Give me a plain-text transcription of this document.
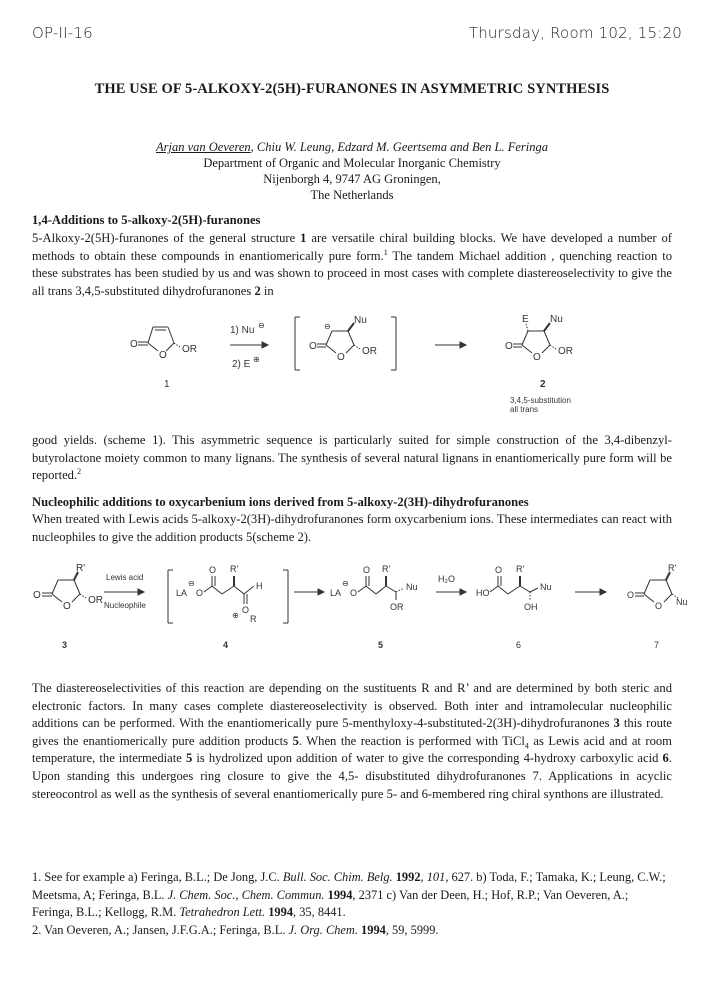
OP-II-16	Thursday, Room 102, 15:20
THE USE OF 5-ALKOXY-2(5H)-FURANONES IN ASYMMETRIC SYNTHESIS
Arjan van Oeveren, Chiu W. Leung, Edzard M. Geertsema and Ben L. Feringa
Department of Organic and Molecular Inorganic Chemistry
Nijenborgh 4, 9747 AG Groningen,
The Netherlands
1,4-Additions to 5-alkoxy-2(5H)-furanones
5-Alkoxy-2(5H)-furanones of the general structure 1 are versatile chiral building blocks. We have developed a number of methods to obtain these compounds in enantiomerically pure form.$^1$ The tandem Michael addition , quenching reaction to these substrates has been studied by us and was shown to proceed in most cases with complete diastereoselectivity to give the all trans 3,4,5-substituted dihydrofuranones 2 in
O
O
OR
1
1) Nu ⊖
2) E ⊕
⊖
Nu
O
O
OR
E Nu
O
O
OR
2
3,4,5-substitution
all trans
good yields. (scheme 1). This asymmetric sequence is particularly suited for simple construction of the 3,4-dibenzyl-butyrolactone moiety common to many lignans. The synthesis of several natural lignans in enantiomerically pure form will be reported.$^2$
Nucleophilic additions to oxycarbenium ions derived from 5-alkoxy-2(3H)-dihydrofuranones
When treated with Lewis acids 5-alkoxy-2(3H)-dihydrofuranones form oxycarbenium ions. These intermediates can react with nucleophiles to give the addition products 5(scheme 2).
R'
O
O
OR
3
Lewis acid
Nucleophile
LA
⊖
O
O R'
H
O
⊕ R
4
LA
⊖
O
O R'
Nu
OR
5
H₂O
HO
O R'
Nu
OH
6
R'
O
O Nu
7
The diastereoselectivities of this reaction are depending on the sustituents R and R’ and are determined by both steric and electronic factors. In many cases complete diastereoselectivity is observed. Both inter and intramolecular nucleophilic additions can be performed. With the enantiomerically pure 5-menthyloxy-4-substituted-2(3H)-dihydrofuranones 3 this route gives the enantiomerically pure addition products 5. When the reaction is performed with TiCl$_4$ as Lewis acid and at room temperature, the intermediate 5 is hydrolized upon addition of water to give the corresponding 4-hydroxy carboxylic acid 6. Upon standing this undergoes ring closure to give the 4,5- disubstituted dihydrofuranones 7. Applications in acyclic stereocontrol as well as the synthesis of several enantiomerically pure 5- and 6-membered ring chiral synthons are illustrated.
1. See for example a) Feringa, B.L.; De Jong, J.C. Bull. Soc. Chim. Belg. 1992, 101, 627. b) Toda, F.; Tamaka, K.; Leung, C.W.; Meetsma, A; Feringa, B.L. J. Chem. Soc., Chem. Commun. 1994, 2371 c) Van der Deen, H.; Hof, R.P.; Van Oeveren, A.; Feringa, B.L.; Kellogg, R.M. Tetrahedron Lett. 1994, 35, 8441.
2. Van Oeveren, A.; Jansen, J.F.G.A.; Feringa, B.L. J. Org. Chem. 1994, 59, 5999.
